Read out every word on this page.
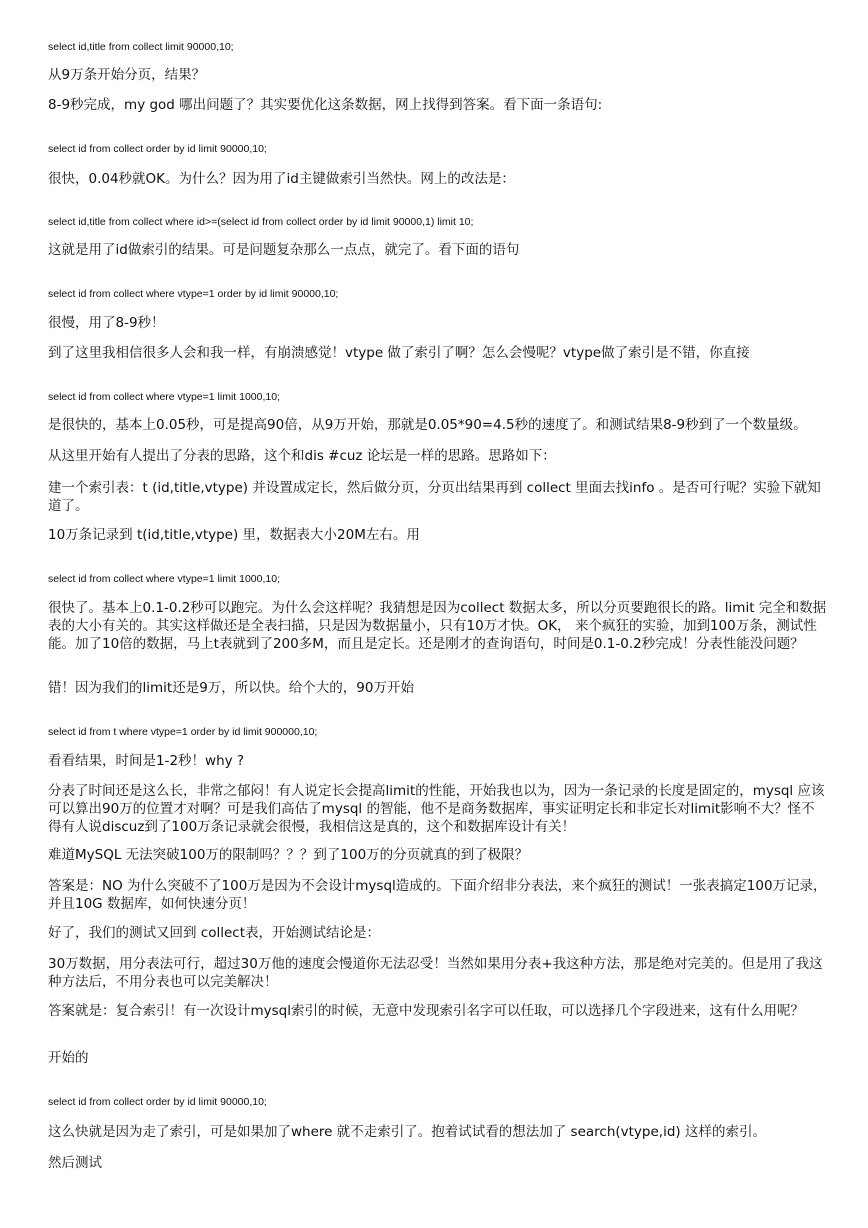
select id,title from collect limit 90000,10;

从9万条开始分页，结果？

8-9秒完成，my god 哪出问题了？其实要优化这条数据，网上找得到答案。看下面一条语句:

select id from collect order by id limit 90000,10;

很快，0.04秒就OK。为什么？因为用了id主键做索引当然快。网上的改法是：

select id,title from collect where id>=(select id from collect order by id limit 90000,1) limit 10;

这就是用了id做索引的结果。可是问题复杂那么一点点，就完了。看下面的语句

select id from collect where vtype=1 order by id limit 90000,10;

很慢，用了8-9秒！

到了这里我相信很多人会和我一样，有崩溃感觉！vtype 做了索引了啊？怎么会慢呢？vtype做了索引是不错，你直接

select id from collect where vtype=1 limit 1000,10;

是很快的，基本上0.05秒，可是提高90倍，从9万开始，那就是0.05*90=4.5秒的速度了。和测试结果8-9秒到了一个数量级。

从这里开始有人提出了分表的思路，这个和dis #cuz 论坛是一样的思路。思路如下：

建一个索引表：t (id,title,vtype) 并设置成定长，然后做分页，分页出结果再到 collect 里面去找info 。是否可行呢？实验下就知道了。

10万条记录到 t(id,title,vtype) 里，数据表大小20M左右。用

select id from collect where vtype=1 limit 1000,10;

很快了。基本上0.1-0.2秒可以跑完。为什么会这样呢？我猜想是因为collect 数据太多，所以分页要跑很长的路。limit 完全和数据表的大小有关的。其实这样做还是全表扫描，只是因为数据量小，只有10万才快。OK， 来个疯狂的实验，加到100万条，测试性能。加了10倍的数据，马上t表就到了200多M，而且是定长。还是刚才的查询语句，时间是0.1-0.2秒完成！分表性能没问题？

错！因为我们的limit还是9万，所以快。给个大的，90万开始

select id from t where vtype=1 order by id limit 900000,10;

看看结果，时间是1-2秒！why ?

分表了时间还是这么长，非常之郁闷！有人说定长会提高limit的性能，开始我也以为，因为一条记录的长度是固定的，mysql 应该可以算出90万的位置才对啊？可是我们高估了mysql 的智能，他不是商务数据库，事实证明定长和非定长对limit影响不大？怪不得有人说discuz到了100万条记录就会很慢，我相信这是真的，这个和数据库设计有关！

难道MySQL 无法突破100万的限制吗？？？到了100万的分页就真的到了极限？

答案是：NO 为什么突破不了100万是因为不会设计mysql造成的。下面介绍非分表法，来个疯狂的测试！一张表搞定100万记录，并且10G 数据库，如何快速分页！

好了，我们的测试又回到 collect表，开始测试结论是：

30万数据，用分表法可行，超过30万他的速度会慢道你无法忍受！当然如果用分表+我这种方法，那是绝对完美的。但是用了我这种方法后，不用分表也可以完美解决！

答案就是：复合索引！有一次设计mysql索引的时候，无意中发现索引名字可以任取，可以选择几个字段进来，这有什么用呢？

开始的

select id from collect order by id limit 90000,10;

这么快就是因为走了索引，可是如果加了where 就不走索引了。抱着试试看的想法加了 search(vtype,id) 这样的索引。

然后测试
